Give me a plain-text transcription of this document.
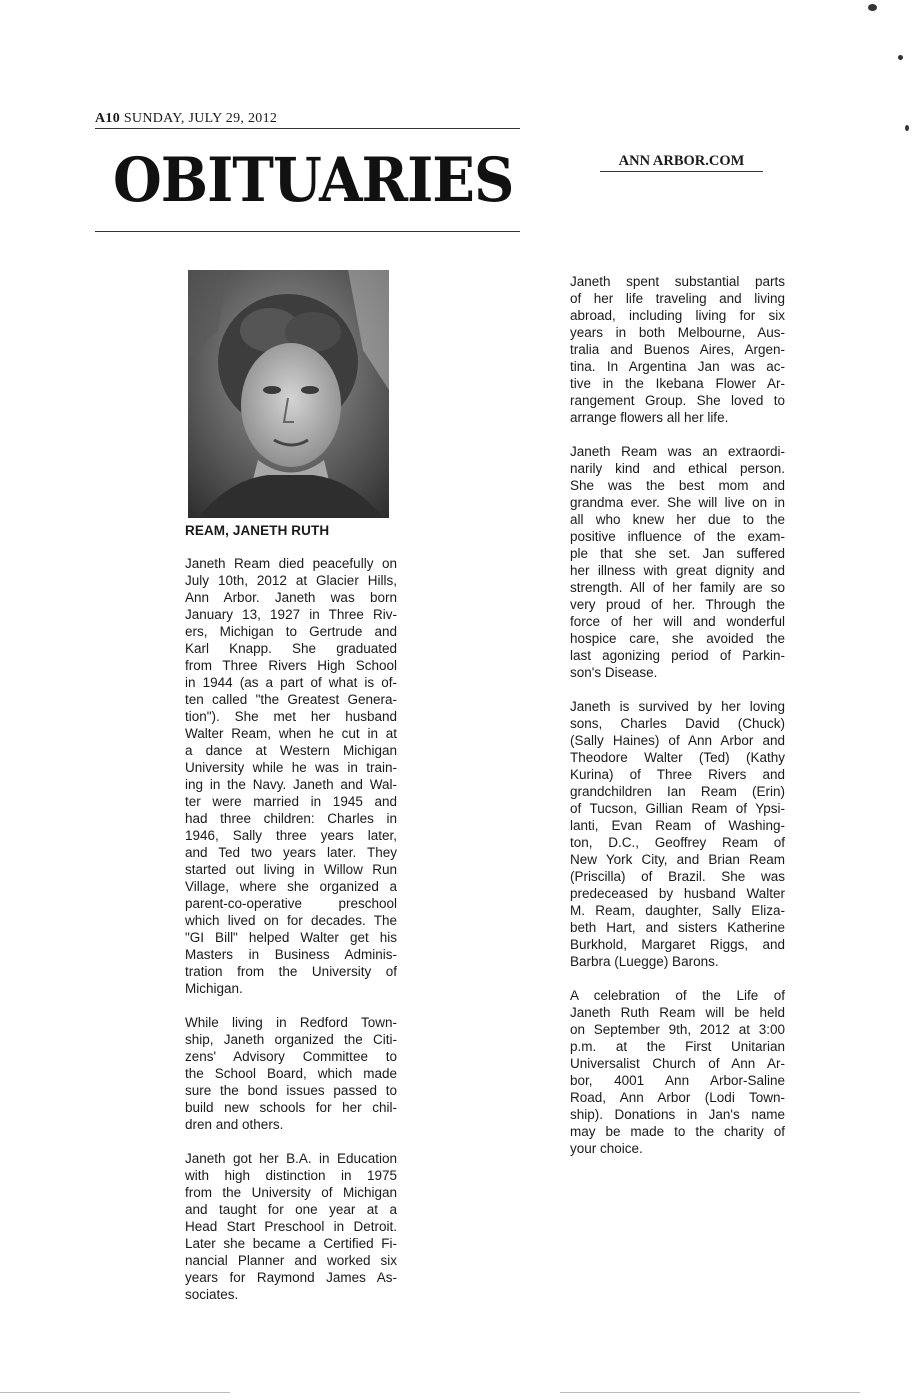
A10 SUNDAY, JULY 29, 2012
OBITUARIES	ANN ARBOR.COM
REAM, JANETH RUTH

Janeth Ream died peacefully on
July 10th, 2012 at Glacier Hills,
Ann Arbor. Janeth was born
January 13, 1927 in Three Riv-
ers, Michigan to Gertrude and
Karl Knapp. She graduated
from Three Rivers High School
in 1944 (as a part of what is of-
ten called "the Greatest Genera-
tion"). She met her husband
Walter Ream, when he cut in at
a dance at Western Michigan
University while he was in train-
ing in the Navy. Janeth and Wal-
ter were married in 1945 and
had three children: Charles in
1946, Sally three years later,
and Ted two years later. They
started out living in Willow Run
Village, where she organized a
parent-co-operative preschool
which lived on for decades. The
"GI Bill" helped Walter get his
Masters in Business Adminis-
tration from the University of
Michigan.

While living in Redford Town-
ship, Janeth organized the Citi-
zens' Advisory Committee to
the School Board, which made
sure the bond issues passed to
build new schools for her chil-
dren and others.

Janeth got her B.A. in Education
with high distinction in 1975
from the University of Michigan
and taught for one year at a
Head Start Preschool in Detroit.
Later she became a Certified Fi-
nancial Planner and worked six
years for Raymond James As-
sociates.

Janeth spent substantial parts
of her life traveling and living
abroad, including living for six
years in both Melbourne, Aus-
tralia and Buenos Aires, Argen-
tina. In Argentina Jan was ac-
tive in the Ikebana Flower Ar-
rangement Group. She loved to
arrange flowers all her life.

Janeth Ream was an extraordi-
narily kind and ethical person.
She was the best mom and
grandma ever. She will live on in
all who knew her due to the
positive influence of the exam-
ple that she set. Jan suffered
her illness with great dignity and
strength. All of her family are so
very proud of her. Through the
force of her will and wonderful
hospice care, she avoided the
last agonizing period of Parkin-
son's Disease.

Janeth is survived by her loving
sons, Charles David (Chuck)
(Sally Haines) of Ann Arbor and
Theodore Walter (Ted) (Kathy
Kurina) of Three Rivers and
grandchildren Ian Ream (Erin)
of Tucson, Gillian Ream of Ypsi-
lanti, Evan Ream of Washing-
ton, D.C., Geoffrey Ream of
New York City, and Brian Ream
(Priscilla) of Brazil. She was
predeceased by husband Walter
M. Ream, daughter, Sally Eliza-
beth Hart, and sisters Katherine
Burkhold, Margaret Riggs, and
Barbra (Luegge) Barons.

A celebration of the Life of
Janeth Ruth Ream will be held
on September 9th, 2012 at 3:00
p.m. at the First Unitarian
Universalist Church of Ann Ar-
bor, 4001 Ann Arbor-Saline
Road, Ann Arbor (Lodi Town-
ship). Donations in Jan's name
may be made to the charity of
your choice.
